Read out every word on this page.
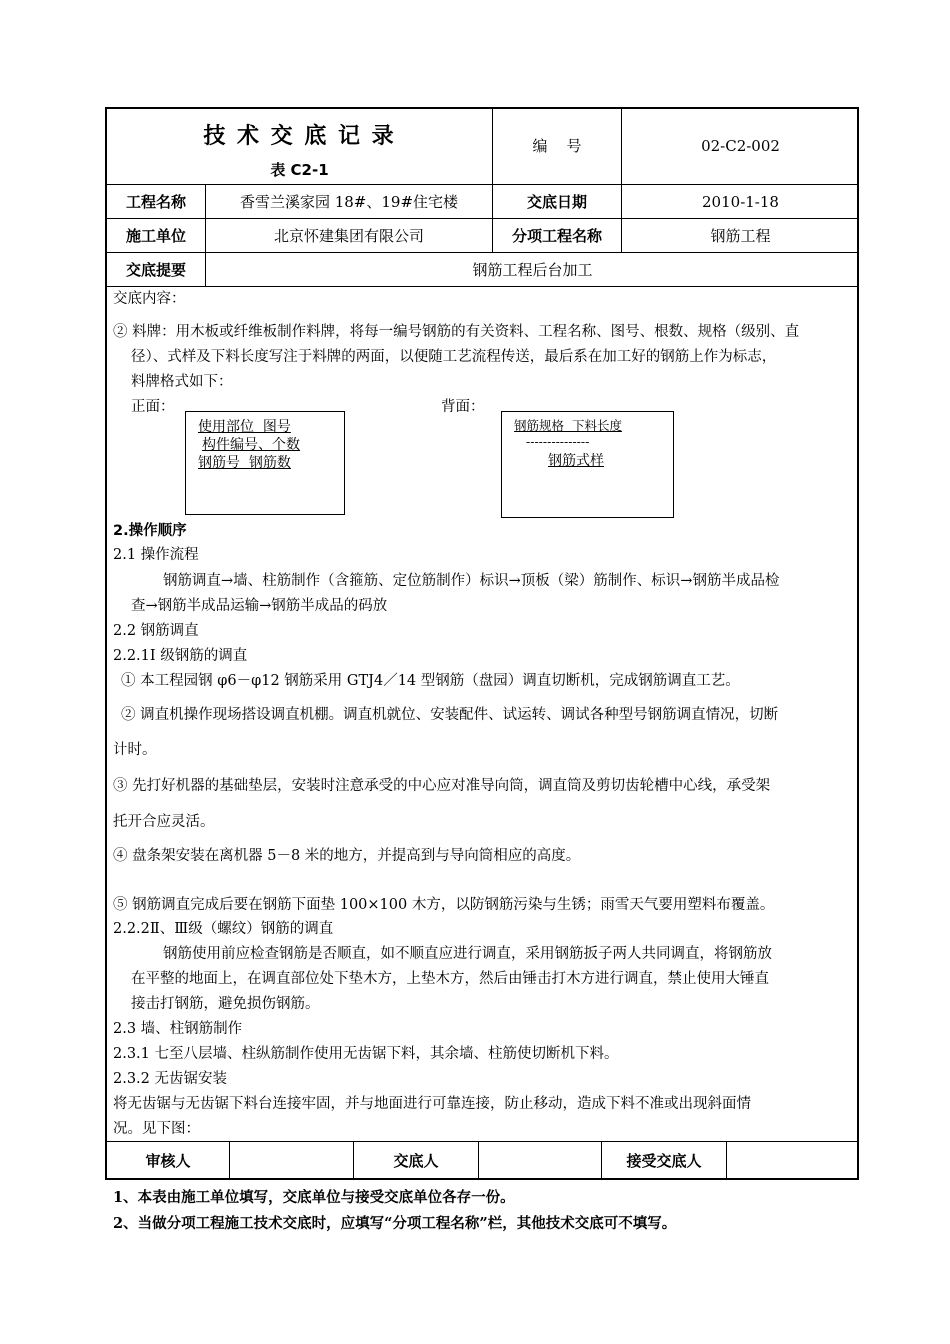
技 术 交 底 记 录
表 C2-1
编    号	02-C2-002
工程名称	香雪兰溪家园 18#、19#住宅楼	交底日期	2010-1-18
施工单位	北京怀建集团有限公司	分项工程名称	钢筋工程
交底提要	钢筋工程后台加工
交底内容：
② 料牌：用木板或纤维板制作料牌，将每一编号钢筋的有关资料、工程名称、图号、根数、规格（级别、直
径）、式样及下料长度写注于料牌的两面，以便随工艺流程传送，最后系在加工好的钢筋上作为标志，
料牌格式如下：
正面：	背面：
使用部位  图号
构件编号、个数
钢筋号  钢筋数
钢筋规格  下料长度
---------------
钢筋式样
2.操作顺序
2.1 操作流程
钢筋调直→墙、柱筋制作（含箍筋、定位筋制作）标识→顶板（梁）筋制作、标识→钢筋半成品检
查→钢筋半成品运输→钢筋半成品的码放
2.2 钢筋调直
2.2.1Ⅰ 级钢筋的调直
① 本工程园钢 φ6－φ12 钢筋采用 GTJ4／14 型钢筋（盘园）调直切断机，完成钢筋调直工艺。
② 调直机操作现场搭设调直机棚。调直机就位、安装配件、试运转、调试各种型号钢筋调直情况，切断
计时。
③ 先打好机器的基础垫层，安装时注意承受的中心应对准导向筒，调直筒及剪切齿轮槽中心线，承受架
托开合应灵活。
④ 盘条架安装在离机器 5－8 米的地方，并提高到与导向筒相应的高度。
⑤ 钢筋调直完成后要在钢筋下面垫 100×100 木方，以防钢筋污染与生锈；雨雪天气要用塑料布覆盖。
2.2.2Ⅱ、Ⅲ级（螺纹）钢筋的调直
钢筋使用前应检查钢筋是否顺直，如不顺直应进行调直，采用钢筋扳子两人共同调直，将钢筋放
在平整的地面上，在调直部位处下垫木方，上垫木方，然后由锤击打木方进行调直，禁止使用大锤直
接击打钢筋，避免损伤钢筋。
2.3 墙、柱钢筋制作
2.3.1 七至八层墙、柱纵筋制作使用无齿锯下料，其余墙、柱筋使切断机下料。
2.3.2 无齿锯安装
将无齿锯与无齿锯下料台连接牢固，并与地面进行可靠连接，防止移动，造成下料不准或出现斜面情
况。见下图：
审核人	交底人	接受交底人
1、本表由施工单位填写，交底单位与接受交底单位各存一份。
2、当做分项工程施工技术交底时，应填写“分项工程名称”栏，其他技术交底可不填写。
